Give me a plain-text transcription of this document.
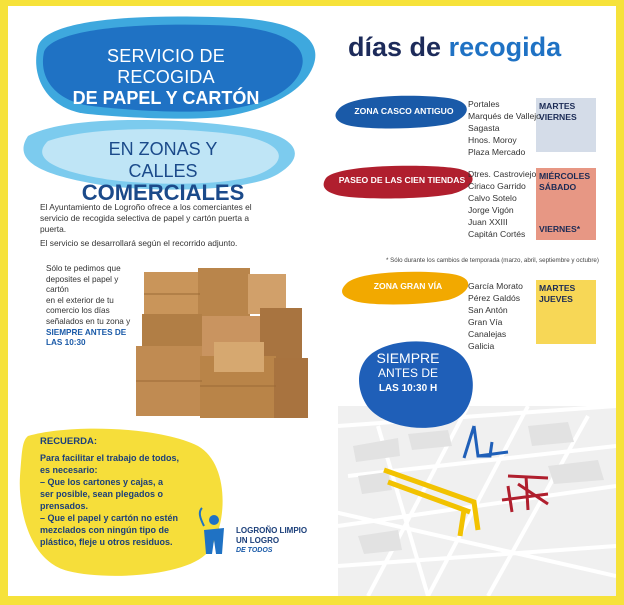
SERVICIO DE RECOGIDA
DE PAPEL Y CARTÓN
EN ZONAS Y CALLES
COMERCIALES
El Ayuntamiento de Logroño ofrece a los comerciantes el servicio de recogida selectiva de papel y cartón puerta a puerta.
El servicio se desarrollará según el recorrido adjunto.
Sólo te pedimos que
deposites el papel y cartón
en el exterior de tu
comercio los días
señalados en tu zona y
SIEMPRE ANTES DE
LAS 10:30
RECUERDA:
Para facilitar el trabajo de todos,
es necesario:
– Que los cartones y cajas, a
ser posible, sean plegados o
prensados.
– Que el papel y cartón no estén
mezclados con ningún tipo de
plástico, fleje u otros residuos.
LOGROÑO LIMPIO
UN LOGRO
DE TODOS
días de recogida
ZONA CASCO ANTIGUO
Portales
Marqués de Vallejo
Sagasta
Hnos. Moroy
Plaza Mercado
MARTES
VIERNES
PASEO DE LAS CIEN TIENDAS
Dtres. Castroviejo
Ciriaco Garrido
Calvo Sotelo
Jorge Vigón
Juan XXIII
Capitán Cortés
MIÉRCOLES
SÁBADO
VIERNES*
* Sólo durante los cambios de temporada (marzo, abril, septiembre y octubre)
ZONA GRAN VÍA	García Morato
Pérez Galdós
San Antón
Gran Vía
Canalejas
Galicia
MARTES
JUEVES
SIEMPRE
ANTES DE
LAS 10:30 H
